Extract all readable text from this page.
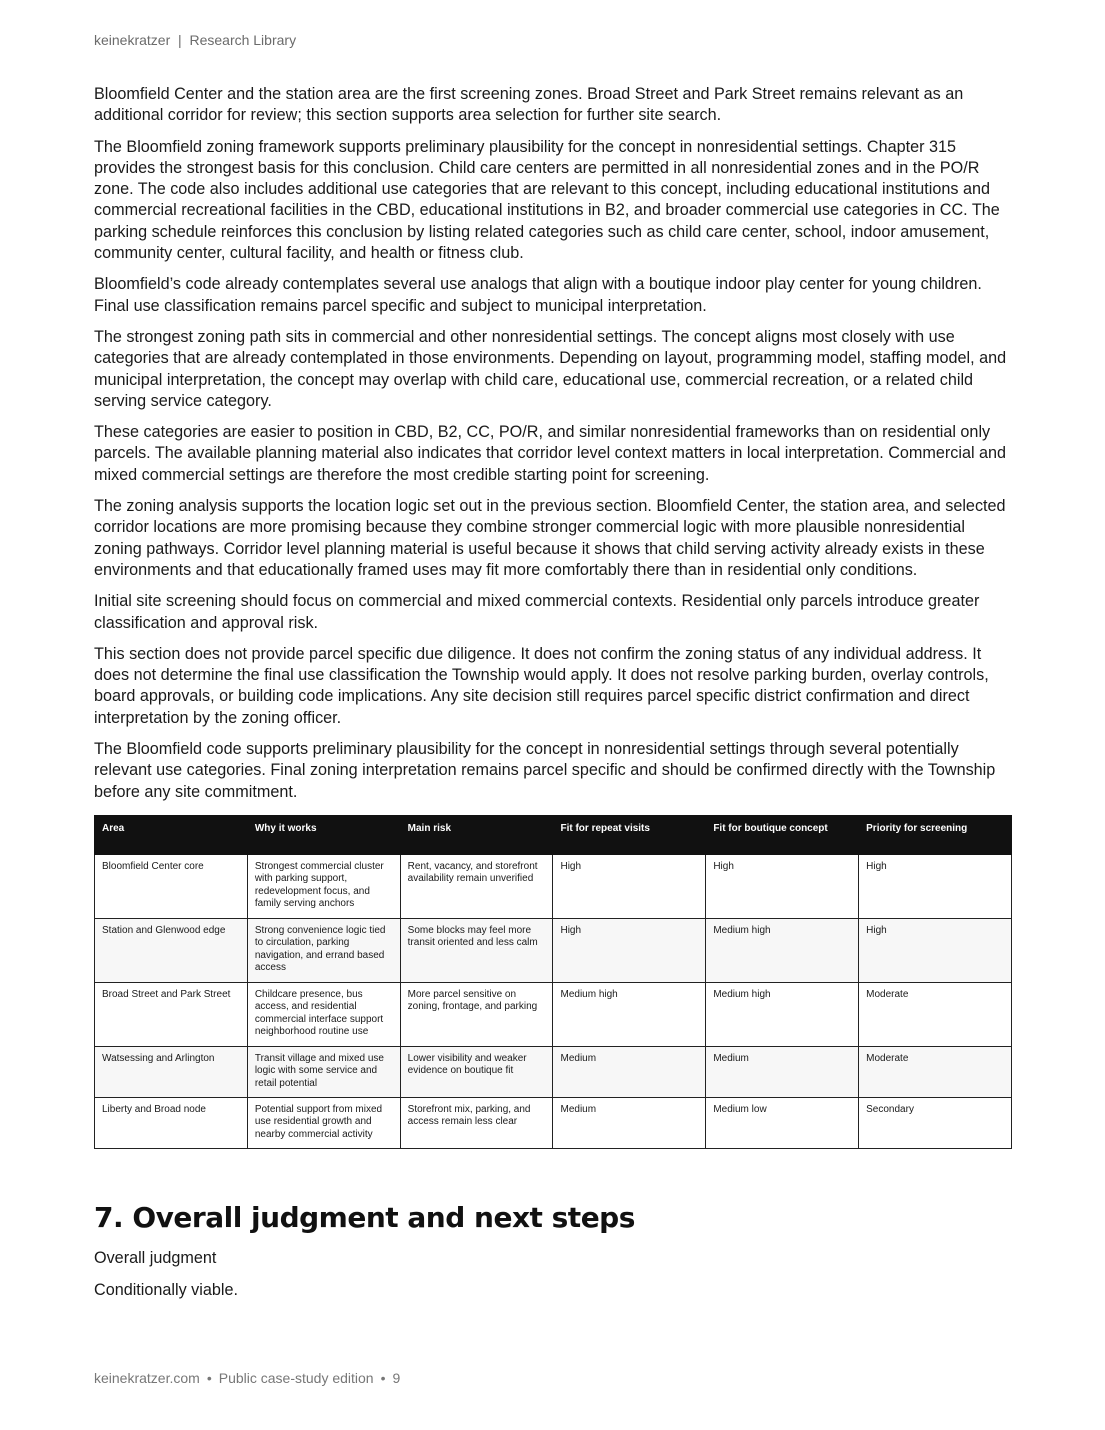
keinekratzer | Research Library

Bloomfield Center and the station area are the first screening zones. Broad Street and Park Street remains relevant as an additional corridor for review; this section supports area selection for further site search.

The Bloomfield zoning framework supports preliminary plausibility for the concept in nonresidential settings. Chapter 315 provides the strongest basis for this conclusion. Child care centers are permitted in all nonresidential zones and in the PO/R zone. The code also includes additional use categories that are relevant to this concept, including educational institutions and commercial recreational facilities in the CBD, educational institutions in B2, and broader commercial use categories in CC. The parking schedule reinforces this conclusion by listing related categories such as child care center, school, indoor amusement, community center, cultural facility, and health or fitness club.

Bloomfield’s code already contemplates several use analogs that align with a boutique indoor play center for young children. Final use classification remains parcel specific and subject to municipal interpretation.

The strongest zoning path sits in commercial and other nonresidential settings. The concept aligns most closely with use categories that are already contemplated in those environments. Depending on layout, programming model, staffing model, and municipal interpretation, the concept may overlap with child care, educational use, commercial recreation, or a related child serving service category.

These categories are easier to position in CBD, B2, CC, PO/R, and similar nonresidential frameworks than on residential only parcels. The available planning material also indicates that corridor level context matters in local interpretation. Commercial and mixed commercial settings are therefore the most credible starting point for screening.

The zoning analysis supports the location logic set out in the previous section. Bloomfield Center, the station area, and selected corridor locations are more promising because they combine stronger commercial logic with more plausible nonresidential zoning pathways. Corridor level planning material is useful because it shows that child serving activity already exists in these environments and that educationally framed uses may fit more comfortably there than in residential only conditions.

Initial site screening should focus on commercial and mixed commercial contexts. Residential only parcels introduce greater classification and approval risk.

This section does not provide parcel specific due diligence. It does not confirm the zoning status of any individual address. It does not determine the final use classification the Township would apply. It does not resolve parking burden, overlay controls, board approvals, or building code implications. Any site decision still requires parcel specific district confirmation and direct interpretation by the zoning officer.

The Bloomfield code supports preliminary plausibility for the concept in nonresidential settings through several potentially relevant use categories. Final zoning interpretation remains parcel specific and should be confirmed directly with the Township before any site commitment.

Area	Why it works	Main risk	Fit for repeat visits	Fit for boutique concept	Priority for screening
Bloomfield Center core	Strongest commercial cluster with parking support, redevelopment focus, and family serving anchors	Rent, vacancy, and storefront availability remain unverified	High	High	High
Station and Glenwood edge	Strong convenience logic tied to circulation, parking navigation, and errand based access	Some blocks may feel more transit oriented and less calm	High	Medium high	High
Broad Street and Park Street	Childcare presence, bus access, and residential commercial interface support neighborhood routine use	More parcel sensitive on zoning, frontage, and parking	Medium high	Medium high	Moderate
Watsessing and Arlington	Transit village and mixed use logic with some service and retail potential	Lower visibility and weaker evidence on boutique fit	Medium	Medium	Moderate
Liberty and Broad node	Potential support from mixed use residential growth and nearby commercial activity	Storefront mix, parking, and access remain less clear	Medium	Medium low	Secondary
7. Overall judgment and next steps

Overall judgment

Conditionally viable.

keinekratzer.com • Public case-study edition • 9
